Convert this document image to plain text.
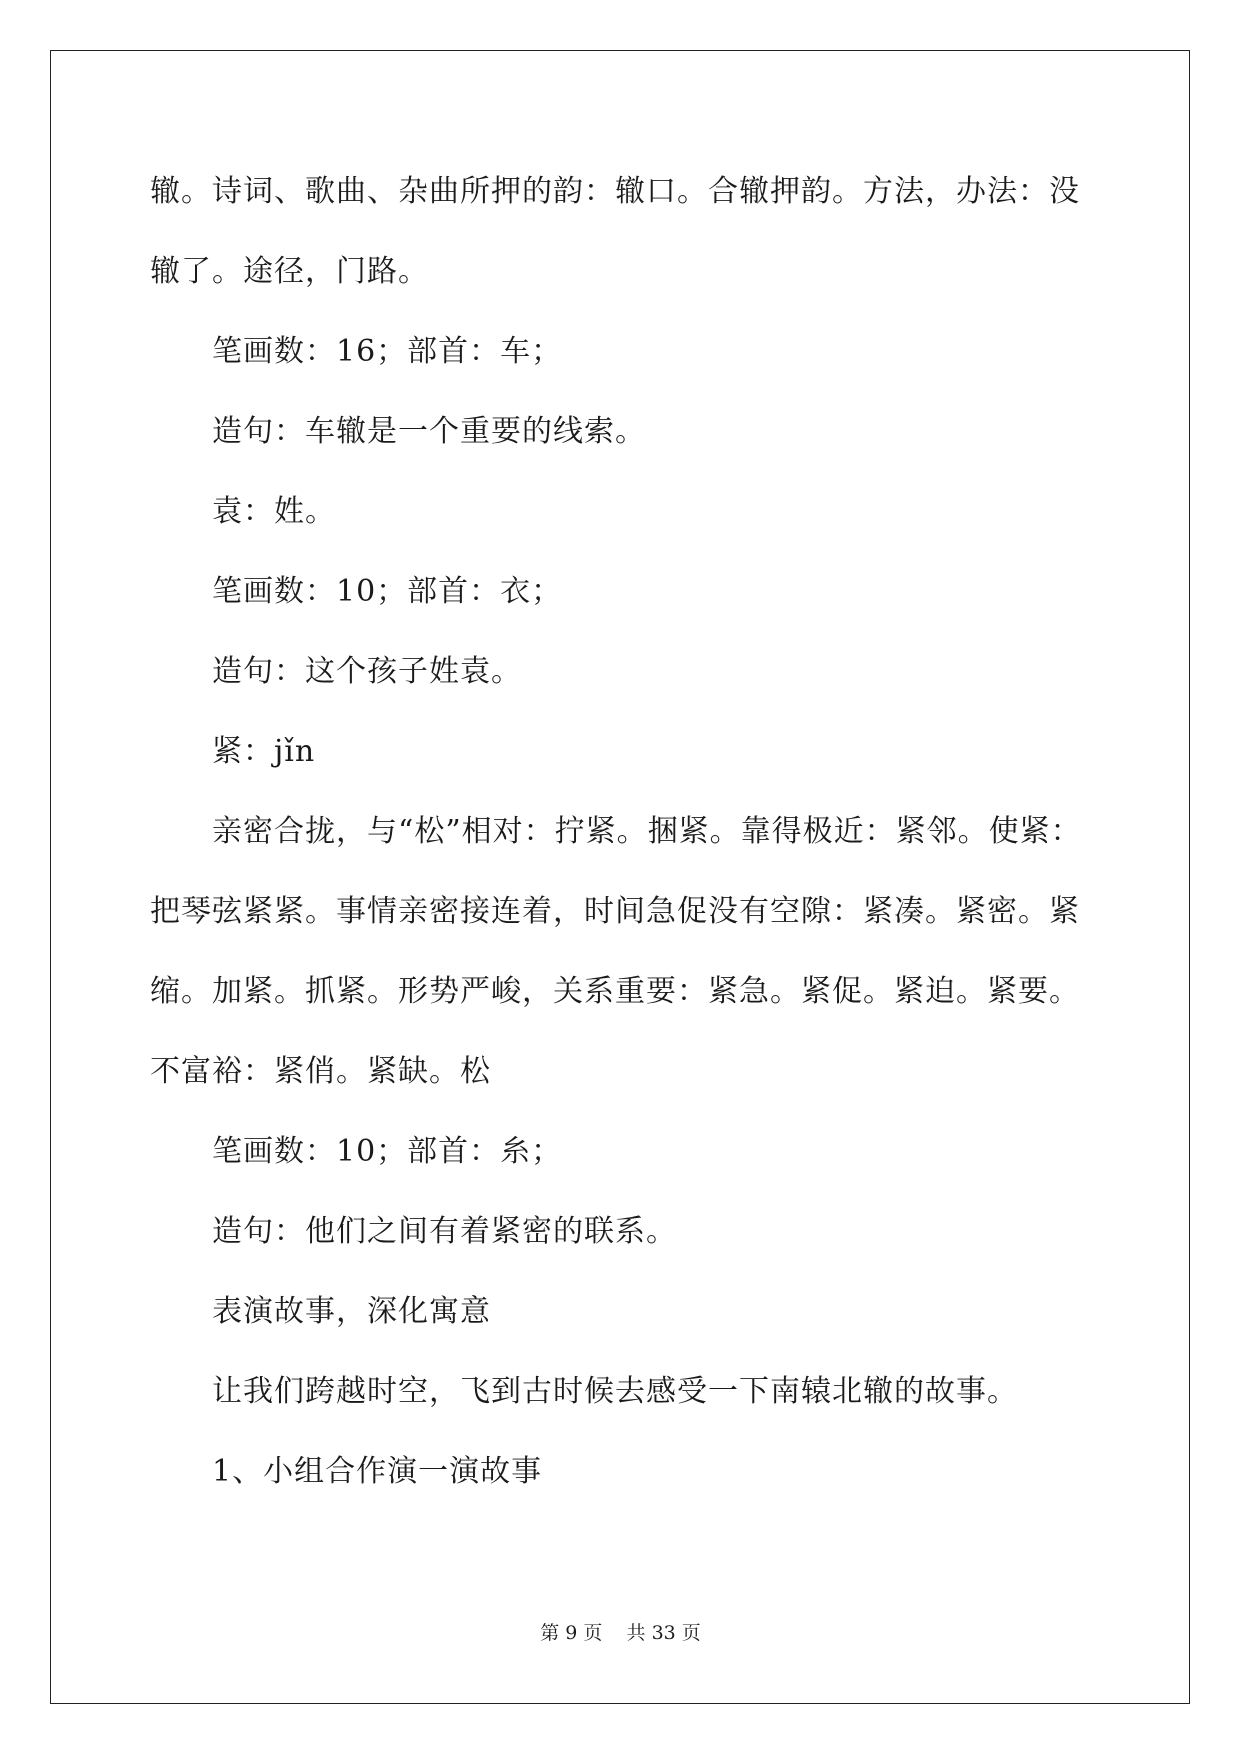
辙。诗词、歌曲、杂曲所押的韵：辙口。合辙押韵。方法，办法：没
辙了。途径，门路。
笔画数：16；部首：车；
造句：车辙是一个重要的线索。
袁：姓。
笔画数：10；部首：衣；
造句：这个孩子姓袁。
紧：jǐn
亲密合拢，与“松”相对：拧紧。捆紧。靠得极近：紧邻。使紧：
把琴弦紧紧。事情亲密接连着，时间急促没有空隙：紧凑。紧密。紧
缩。加紧。抓紧。形势严峻，关系重要：紧急。紧促。紧迫。紧要。
不富裕：紧俏。紧缺。松
笔画数：10；部首：糸；
造句：他们之间有着紧密的联系。
表演故事，深化寓意
让我们跨越时空，飞到古时候去感受一下南辕北辙的故事。
1、小组合作演一演故事
第 9 页    共 33 页
